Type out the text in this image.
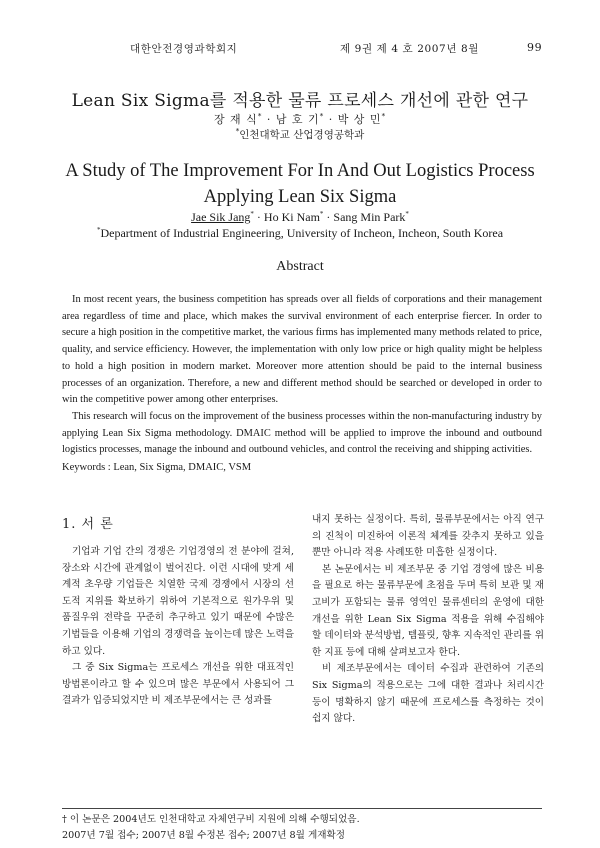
대한안전경영과학회지	제 9권 제 4 호 2007년 8월	99
Lean Six Sigma를 적용한 물류 프로세스 개선에 관한 연구
장 재 식* · 남 호 기* · 박 상 민*
*인천대학교 산업경영공학과
A Study of The Improvement For In And Out Logistics Process
Applying Lean Six Sigma
Jae Sik Jang* · Ho Ki Nam* · Sang Min Park*
*Department of Industrial Engineering, University of Incheon, Incheon, South Korea
Abstract

In most recent years, the business competition has spreads over all fields of corporations and their management area regardless of time and place, which makes the survival environment of each enterprise fiercer. In order to secure a high position in the competitive market, the various firms has implemented many methods related to price, quality, and service efficiency. However, the implementation with only low price or high quality might be helpless to hold a high position in modern market. Moreover more attention should be paid to the internal business processes of an organization. Therefore, a new and different method should be searched or developed in order to win the competitive power among other enterprises.

This research will focus on the improvement of the business processes within the non-manufacturing industry by applying Lean Six Sigma methodology. DMAIC method will be applied to improve the inbound and outbound logistics processes, manage the inbound and outbound vehicles, and control the receiving and shipping activities.

Keywords : Lean, Six Sigma, DMAIC, VSM
1. 서 론

기업과 기업 간의 경쟁은 기업경영의 전 분야에 걸쳐, 장소와 시간에 관계없이 벌어진다. 이런 시대에 맞게 세계적 초우량 기업들은 치열한 국제 경쟁에서 시장의 선도적 지위를 확보하기 위하여 기본적으로 원가우위 및 품질우위 전략을 꾸준히 추구하고 있기 때문에 수많은 기법들을 이용해 기업의 경쟁력을 높이는데 많은 노력을 하고 있다.

그 중 Six Sigma는 프로세스 개선을 위한 대표적인 방법론이라고 할 수 있으며 많은 부문에서 사용되어 그 결과가 입증되었지만 비 제조부문에서는 큰 성과를

내지 못하는 실정이다. 특히, 물류부문에서는 아직 연구의 진척이 미진하여 이론적 체계를 갖추지 못하고 있을 뿐만 아니라 적용 사례또한 미흡한 실정이다.

본 논문에서는 비 제조부문 중 기업 경영에 많은 비용을 필요로 하는 물류부문에 초점을 두며 특히 보관 및 재고비가 포함되는 물류 영역인 물류센터의 운영에 대한 개선을 위한 Lean Six Sigma 적용을 위해 수집해야 할 데이터와 분석방법, 템플릿, 향후 지속적인 관리를 위한 지표 등에 대해 살펴보고자 한다.

비 제조부문에서는 데이터 수집과 관련하여 기존의 Six Sigma의 적용으로는 그에 대한 결과나 처리시간 등이 명확하지 않기 때문에 프로세스를 측정하는 것이 쉽지 않다.

† 이 논문은 2004년도 인천대학교 자체연구비 지원에 의해 수행되었음.
2007년 7월 접수; 2007년 8월 수정본 접수; 2007년 8월 게재확정
